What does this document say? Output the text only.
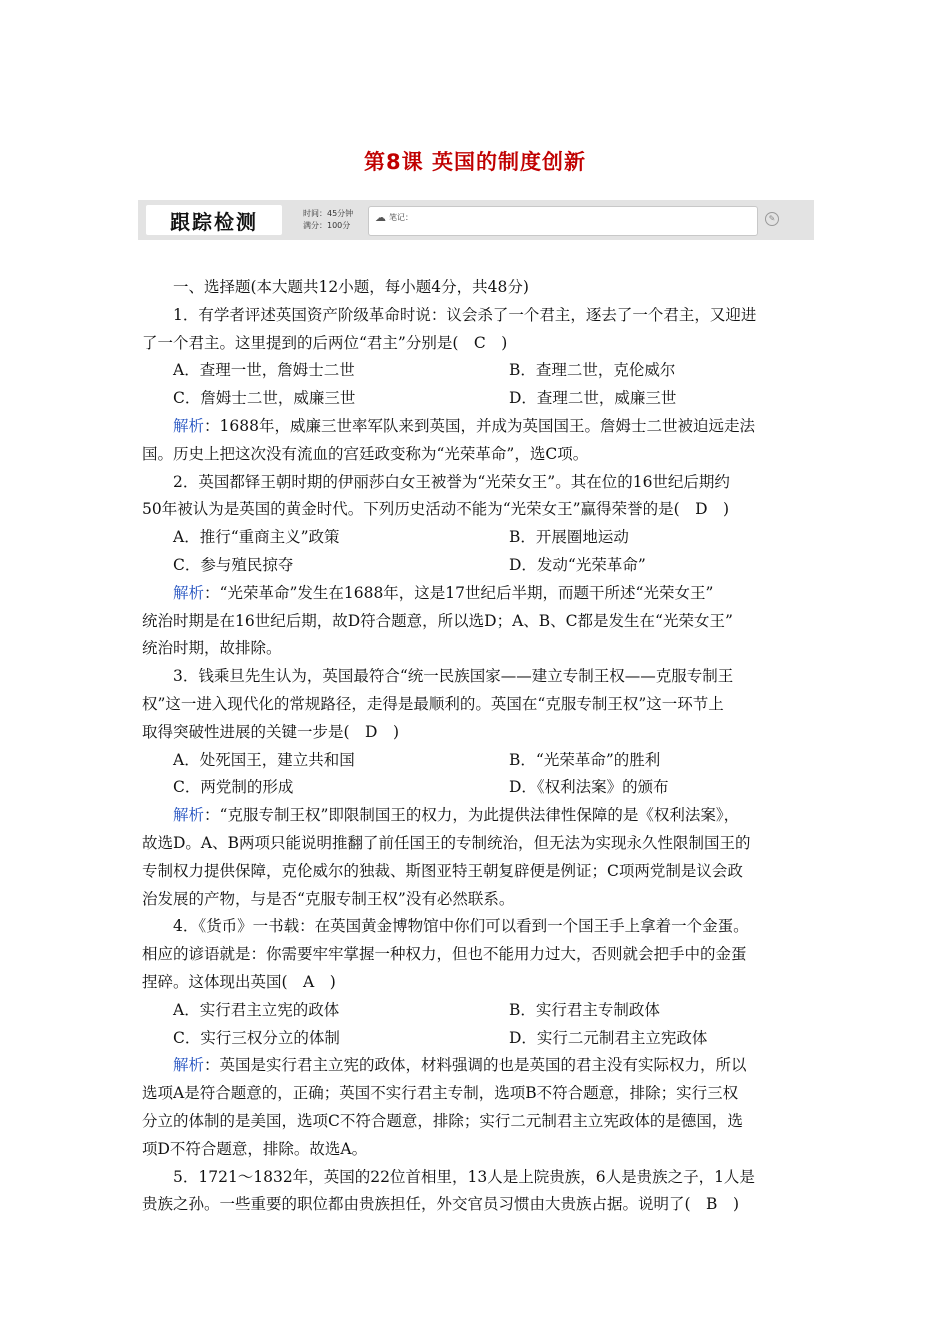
第8课 英国的制度创新
跟踪检测	时间：45分钟
满分：100分
☁ 笔记：	✎

一、选择题(本大题共12小题，每小题4分，共48分)

1．有学者评述英国资产阶级革命时说：议会杀了一个君主，逐去了一个君主，又迎进

了一个君主。这里提到的后两位“君主”分别是(　C　)

A．查理一世，詹姆士二世	B．查理二世，克伦威尔
C．詹姆士二世，威廉三世	D．查理二世，威廉三世

解析：1688年，威廉三世率军队来到英国，并成为英国国王。詹姆士二世被迫远走法

国。历史上把这次没有流血的宫廷政变称为“光荣革命”，选C项。

2．英国都铎王朝时期的伊丽莎白女王被誉为“光荣女王”。其在位的16世纪后期约

50年被认为是英国的黄金时代。下列历史活动不能为“光荣女王”赢得荣誉的是(　D　)

A．推行“重商主义”政策	B．开展圈地运动
C．参与殖民掠夺	D．发动“光荣革命”

解析：“光荣革命”发生在1688年，这是17世纪后半期，而题干所述“光荣女王”

统治时期是在16世纪后期，故D符合题意，所以选D；A、B、C都是发生在“光荣女王”

统治时期，故排除。

3．钱乘旦先生认为，英国最符合“统一民族国家——建立专制王权——克服专制王

权”这一进入现代化的常规路径，走得是最顺利的。英国在“克服专制王权”这一环节上

取得突破性进展的关键一步是(　D　)

A．处死国王，建立共和国	B．“光荣革命”的胜利
C．两党制的形成	D．《权利法案》的颁布

解析：“克服专制王权”即限制国王的权力，为此提供法律性保障的是《权利法案》，

故选D。A、B两项只能说明推翻了前任国王的专制统治，但无法为实现永久性限制国王的

专制权力提供保障，克伦威尔的独裁、斯图亚特王朝复辟便是例证；C项两党制是议会政

治发展的产物，与是否“克服专制王权”没有必然联系。

4．《货币》一书载：在英国黄金博物馆中你们可以看到一个国王手上拿着一个金蛋。

相应的谚语就是：你需要牢牢掌握一种权力，但也不能用力过大，否则就会把手中的金蛋

捏碎。这体现出英国(　A　)

A．实行君主立宪的政体	B．实行君主专制政体
C．实行三权分立的体制	D．实行二元制君主立宪政体

解析：英国是实行君主立宪的政体，材料强调的也是英国的君主没有实际权力，所以

选项A是符合题意的，正确；英国不实行君主专制，选项B不符合题意，排除；实行三权

分立的体制的是美国，选项C不符合题意，排除；实行二元制君主立宪政体的是德国，选

项D不符合题意，排除。故选A。

5．1721～1832年，英国的22位首相里，13人是上院贵族，6人是贵族之子，1人是

贵族之孙。一些重要的职位都由贵族担任，外交官员习惯由大贵族占据。说明了(　B　)
